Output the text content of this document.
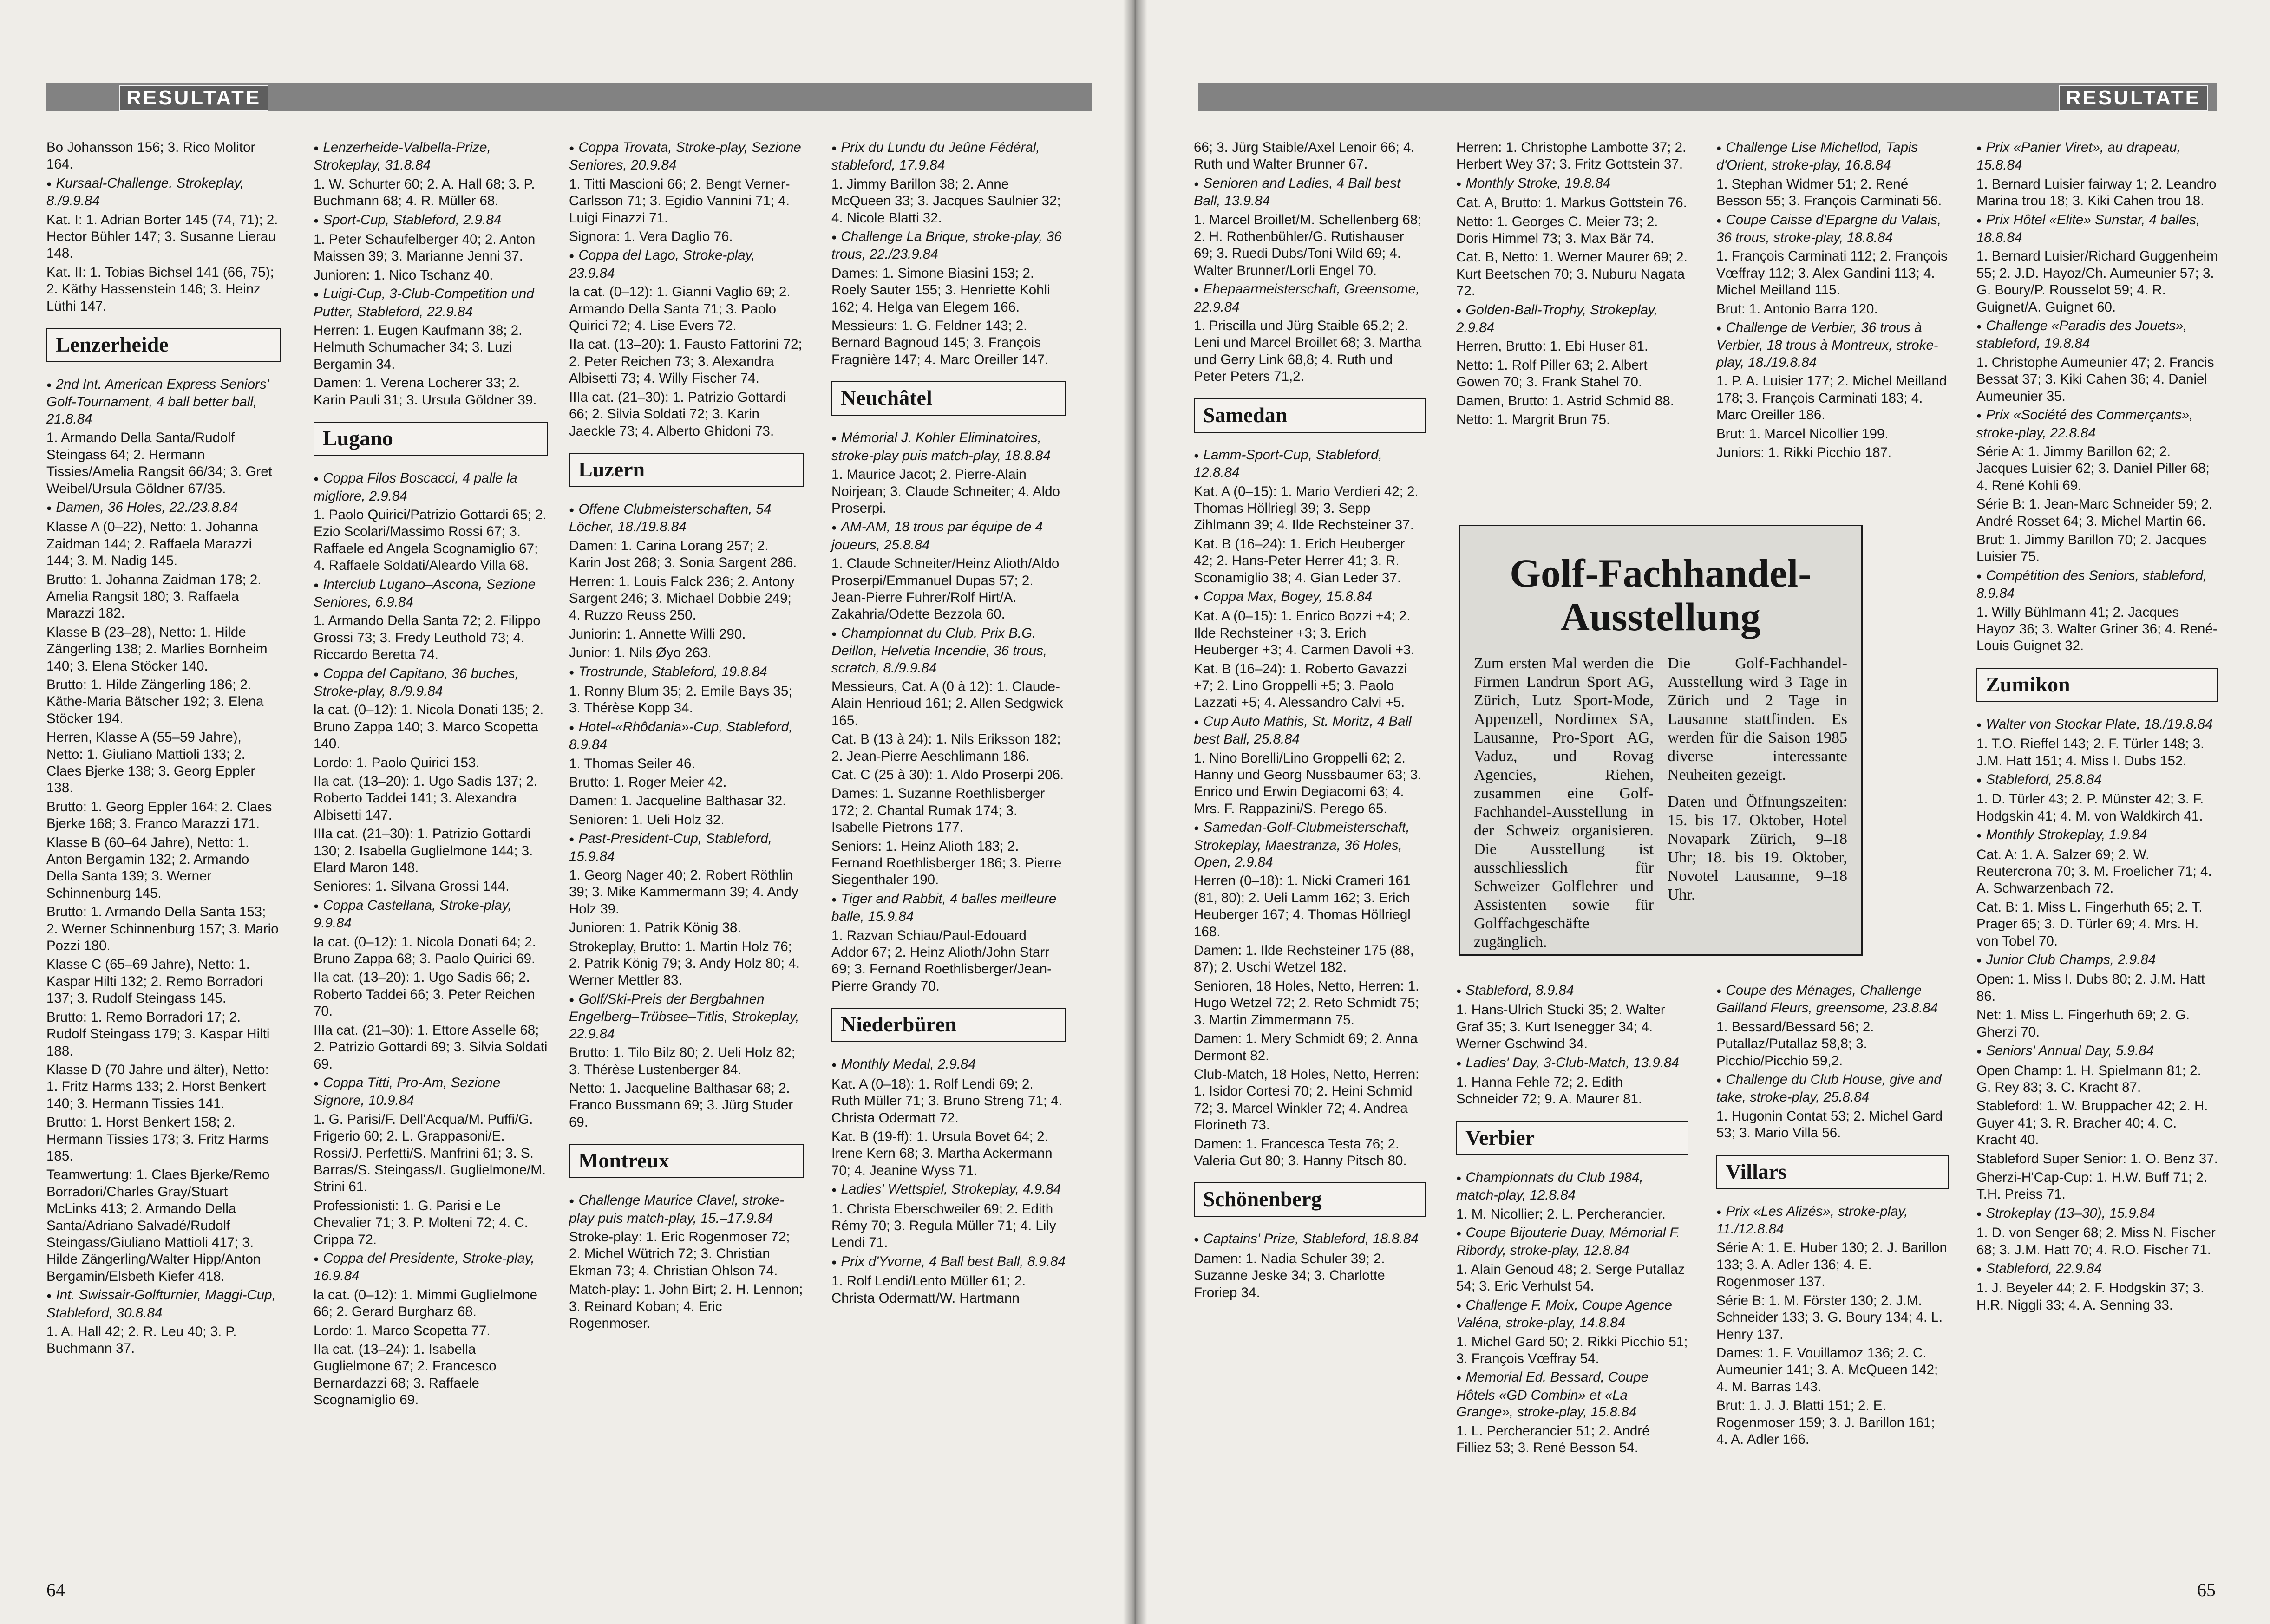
RESULTATE

Bo Johansson 156; 3. Rico Molitor 164.

● Kursaal-Challenge, Strokeplay, 8./9.9.84

Kat. I: 1. Adrian Borter 145 (74, 71); 2. Hector Bühler 147; 3. Susanne Lierau 148.

Kat. II: 1. Tobias Bichsel 141 (66, 75); 2. Käthy Hassenstein 146; 3. Heinz Lüthi 147.

Lenzerheide

● 2nd Int. American Express Seniors' Golf-Tournament, 4 ball better ball, 21.8.84

1. Armando Della Santa/Rudolf Steingass 64; 2. Hermann Tissies/Amelia Rangsit 66/34; 3. Gret Weibel/Ursula Göldner 67/35.

● Damen, 36 Holes, 22./23.8.84

Klasse A (0–22), Netto: 1. Johanna Zaidman 144; 2. Raffaela Marazzi 144; 3. M. Nadig 145.

Brutto: 1. Johanna Zaidman 178; 2. Amelia Rangsit 180; 3. Raffaela Marazzi 182.

Klasse B (23–28), Netto: 1. Hilde Zängerling 138; 2. Marlies Bornheim 140; 3. Elena Stöcker 140.

Brutto: 1. Hilde Zängerling 186; 2. Käthe-Maria Bätscher 192; 3. Elena Stöcker 194.

Herren, Klasse A (55–59 Jahre), Netto: 1. Giuliano Mattioli 133; 2. Claes Bjerke 138; 3. Georg Eppler 138.

Brutto: 1. Georg Eppler 164; 2. Claes Bjerke 168; 3. Franco Marazzi 171.

Klasse B (60–64 Jahre), Netto: 1. Anton Bergamin 132; 2. Armando Della Santa 139; 3. Werner Schinnenburg 145.

Brutto: 1. Armando Della Santa 153; 2. Werner Schinnenburg 157; 3. Mario Pozzi 180.

Klasse C (65–69 Jahre), Netto: 1. Kaspar Hilti 132; 2. Remo Borradori 137; 3. Rudolf Steingass 145.

Brutto: 1. Remo Borradori 17; 2. Rudolf Steingass 179; 3. Kaspar Hilti 188.

Klasse D (70 Jahre und älter), Netto: 1. Fritz Harms 133; 2. Horst Benkert 140; 3. Hermann Tissies 141.

Brutto: 1. Horst Benkert 158; 2. Hermann Tissies 173; 3. Fritz Harms 185.

Teamwertung: 1. Claes Bjerke/Remo Borradori/Charles Gray/Stuart McLinks 413; 2. Armando Della Santa/Adriano Salvadé/Rudolf Steingass/Giuliano Mattioli 417; 3. Hilde Zängerling/Walter Hipp/Anton Bergamin/Elsbeth Kiefer 418.

● Int. Swissair-Golfturnier, Maggi-Cup, Stableford, 30.8.84

1. A. Hall 42; 2. R. Leu 40; 3. P. Buchmann 37.

● Lenzerheide-Valbella-Prize, Strokeplay, 31.8.84

1. W. Schurter 60; 2. A. Hall 68; 3. P. Buchmann 68; 4. R. Müller 68.

● Sport-Cup, Stableford, 2.9.84

1. Peter Schaufelberger 40; 2. Anton Maissen 39; 3. Marianne Jenni 37.

Junioren: 1. Nico Tschanz 40.

● Luigi-Cup, 3-Club-Competition und Putter, Stableford, 22.9.84

Herren: 1. Eugen Kaufmann 38; 2. Helmuth Schumacher 34; 3. Luzi Bergamin 34.

Damen: 1. Verena Locherer 33; 2. Karin Pauli 31; 3. Ursula Göldner 39.

Lugano

● Coppa Filos Boscacci, 4 palle la migliore, 2.9.84

1. Paolo Quirici/Patrizio Gottardi 65; 2. Ezio Scolari/Massimo Rossi 67; 3. Raffaele ed Angela Scognamiglio 67; 4. Raffaele Soldati/Aleardo Villa 68.

● Interclub Lugano–Ascona, Sezione Seniores, 6.9.84

1. Armando Della Santa 72; 2. Filippo Grossi 73; 3. Fredy Leuthold 73; 4. Riccardo Beretta 74.

● Coppa del Capitano, 36 buches, Stroke-play, 8./9.9.84

la cat. (0–12): 1. Nicola Donati 135; 2. Bruno Zappa 140; 3. Marco Scopetta 140.

Lordo: 1. Paolo Quirici 153.

IIa cat. (13–20): 1. Ugo Sadis 137; 2. Roberto Taddei 141; 3. Alexandra Albisetti 147.

IIIa cat. (21–30): 1. Patrizio Gottardi 130; 2. Isabella Guglielmone 144; 3. Elard Maron 148.

Seniores: 1. Silvana Grossi 144.

● Coppa Castellana, Stroke-play, 9.9.84

la cat. (0–12): 1. Nicola Donati 64; 2. Bruno Zappa 68; 3. Paolo Quirici 69.

IIa cat. (13–20): 1. Ugo Sadis 66; 2. Roberto Taddei 66; 3. Peter Reichen 70.

IIIa cat. (21–30): 1. Ettore Asselle 68; 2. Patrizio Gottardi 69; 3. Silvia Soldati 69.

● Coppa Titti, Pro-Am, Sezione Signore, 10.9.84

1. G. Parisi/F. Dell'Acqua/M. Puffi/G. Frigerio 60; 2. L. Grappasoni/E. Rossi/J. Perfetti/S. Manfrini 61; 3. S. Barras/S. Steingass/I. Guglielmone/M. Strini 61.

Professionisti: 1. G. Parisi e Le Chevalier 71; 3. P. Molteni 72; 4. C. Crippa 72.

● Coppa del Presidente, Stroke-play, 16.9.84

la cat. (0–12): 1. Mimmi Guglielmone 66; 2. Gerard Burgharz 68.

Lordo: 1. Marco Scopetta 77.

IIa cat. (13–24): 1. Isabella Guglielmone 67; 2. Francesco Bernardazzi 68; 3. Raffaele Scognamiglio 69.

● Coppa Trovata, Stroke-play, Sezione Seniores, 20.9.84

1. Titti Mascioni 66; 2. Bengt Verner-Carlsson 71; 3. Egidio Vannini 71; 4. Luigi Finazzi 71.

Signora: 1. Vera Daglio 76.

● Coppa del Lago, Stroke-play, 23.9.84

la cat. (0–12): 1. Gianni Vaglio 69; 2. Armando Della Santa 71; 3. Paolo Quirici 72; 4. Lise Evers 72.

IIa cat. (13–20): 1. Fausto Fattorini 72; 2. Peter Reichen 73; 3. Alexandra Albisetti 73; 4. Willy Fischer 74.

IIIa cat. (21–30): 1. Patrizio Gottardi 66; 2. Silvia Soldati 72; 3. Karin Jaeckle 73; 4. Alberto Ghidoni 73.

Luzern

● Offene Clubmeisterschaften, 54 Löcher, 18./19.8.84

Damen: 1. Carina Lorang 257; 2. Karin Jost 268; 3. Sonia Sargent 286.

Herren: 1. Louis Falck 236; 2. Antony Sargent 246; 3. Michael Dobbie 249; 4. Ruzzo Reuss 250.

Juniorin: 1. Annette Willi 290.

Junior: 1. Nils Øyo 263.

● Trostrunde, Stableford, 19.8.84

1. Ronny Blum 35; 2. Emile Bays 35; 3. Thérèse Kopp 34.

● Hotel-«Rhôdania»-Cup, Stableford, 8.9.84

1. Thomas Seiler 46.

Brutto: 1. Roger Meier 42.

Damen: 1. Jacqueline Balthasar 32.

Senioren: 1. Ueli Holz 32.

● Past-President-Cup, Stableford, 15.9.84

1. Georg Nager 40; 2. Robert Röthlin 39; 3. Mike Kammermann 39; 4. Andy Holz 39.

Junioren: 1. Patrik König 38.

Strokeplay, Brutto: 1. Martin Holz 76; 2. Patrik König 79; 3. Andy Holz 80; 4. Werner Mettler 83.

● Golf/Ski-Preis der Bergbahnen Engelberg–Trübsee–Titlis, Strokeplay, 22.9.84

Brutto: 1. Tilo Bilz 80; 2. Ueli Holz 82; 3. Thérèse Lustenberger 84.

Netto: 1. Jacqueline Balthasar 68; 2. Franco Bussmann 69; 3. Jürg Studer 69.

Montreux

● Challenge Maurice Clavel, stroke-play puis match-play, 15.–17.9.84

Stroke-play: 1. Eric Rogenmoser 72; 2. Michel Wütrich 72; 3. Christian Ekman 73; 4. Christian Ohlson 74.

Match-play: 1. John Birt; 2. H. Lennon; 3. Reinard Koban; 4. Eric Rogenmoser.

● Prix du Lundu du Jeûne Fédéral, stableford, 17.9.84

1. Jimmy Barillon 38; 2. Anne McQueen 33; 3. Jacques Saulnier 32; 4. Nicole Blatti 32.

● Challenge La Brique, stroke-play, 36 trous, 22./23.9.84

Dames: 1. Simone Biasini 153; 2. Roely Sauter 155; 3. Henriette Kohli 162; 4. Helga van Elegem 166.

Messieurs: 1. G. Feldner 143; 2. Bernard Bagnoud 145; 3. François Fragnière 147; 4. Marc Oreiller 147.

Neuchâtel

● Mémorial J. Kohler Eliminatoires, stroke-play puis match-play, 18.8.84

1. Maurice Jacot; 2. Pierre-Alain Noirjean; 3. Claude Schneiter; 4. Aldo Proserpi.

● AM-AM, 18 trous par équipe de 4 joueurs, 25.8.84

1. Claude Schneiter/Heinz Alioth/Aldo Proserpi/Emmanuel Dupas 57; 2. Jean-Pierre Fuhrer/Rolf Hirt/A. Zakahria/Odette Bezzola 60.

● Championnat du Club, Prix B.G. Deillon, Helvetia Incendie, 36 trous, scratch, 8./9.9.84

Messieurs, Cat. A (0 à 12): 1. Claude-Alain Henrioud 161; 2. Allen Sedgwick 165.

Cat. B (13 à 24): 1. Nils Eriksson 182; 2. Jean-Pierre Aeschlimann 186.

Cat. C (25 à 30): 1. Aldo Proserpi 206.

Dames: 1. Suzanne Roethlisberger 172; 2. Chantal Rumak 174; 3. Isabelle Pietrons 177.

Seniors: 1. Heinz Alioth 183; 2. Fernand Roethlisberger 186; 3. Pierre Siegenthaler 190.

● Tiger and Rabbit, 4 balles meilleure balle, 15.9.84

1. Razvan Schiau/Paul-Edouard Addor 67; 2. Heinz Alioth/John Starr 69; 3. Fernand Roethlisberger/Jean-Pierre Grandy 70.

Niederbüren

● Monthly Medal, 2.9.84

Kat. A (0–18): 1. Rolf Lendi 69; 2. Ruth Müller 71; 3. Bruno Streng 71; 4. Christa Odermatt 72.

Kat. B (19-ff): 1. Ursula Bovet 64; 2. Irene Kern 68; 3. Martha Ackermann 70; 4. Jeanine Wyss 71.

● Ladies' Wettspiel, Strokeplay, 4.9.84

1. Christa Eberschweiler 69; 2. Edith Rémy 70; 3. Regula Müller 71; 4. Lily Lendi 71.

● Prix d'Yvorne, 4 Ball best Ball, 8.9.84

1. Rolf Lendi/Lento Müller 61; 2. Christa Odermatt/W. Hartmann

64
RESULTATE

66; 3. Jürg Staible/Axel Lenoir 66; 4. Ruth und Walter Brunner 67.

● Senioren and Ladies, 4 Ball best Ball, 13.9.84

1. Marcel Broillet/M. Schellenberg 68; 2. H. Rothenbühler/G. Rutishauser 69; 3. Ruedi Dubs/Toni Wild 69; 4. Walter Brunner/Lorli Engel 70.

● Ehepaarmeisterschaft, Greensome, 22.9.84

1. Priscilla und Jürg Staible 65,2; 2. Leni und Marcel Broillet 68; 3. Martha und Gerry Link 68,8; 4. Ruth und Peter Peters 71,2.

Samedan

● Lamm-Sport-Cup, Stableford, 12.8.84

Kat. A (0–15): 1. Mario Verdieri 42; 2. Thomas Höllriegl 39; 3. Sepp Zihlmann 39; 4. Ilde Rechsteiner 37.

Kat. B (16–24): 1. Erich Heuberger 42; 2. Hans-Peter Herrer 41; 3. R. Sconamiglio 38; 4. Gian Leder 37.

● Coppa Max, Bogey, 15.8.84

Kat. A (0–15): 1. Enrico Bozzi +4; 2. Ilde Rechsteiner +3; 3. Erich Heuberger +3; 4. Carmen Davoli +3.

Kat. B (16–24): 1. Roberto Gavazzi +7; 2. Lino Groppelli +5; 3. Paolo Lazzati +5; 4. Alessandro Calvi +5.

● Cup Auto Mathis, St. Moritz, 4 Ball best Ball, 25.8.84

1. Nino Borelli/Lino Groppelli 62; 2. Hanny und Georg Nussbaumer 63; 3. Enrico und Erwin Degiacomi 63; 4. Mrs. F. Rappazini/S. Perego 65.

● Samedan-Golf-Clubmeisterschaft, Strokeplay, Maestranza, 36 Holes, Open, 2.9.84

Herren (0–18): 1. Nicki Crameri 161 (81, 80); 2. Ueli Lamm 162; 3. Erich Heuberger 167; 4. Thomas Höllriegl 168.

Damen: 1. Ilde Rechsteiner 175 (88, 87); 2. Uschi Wetzel 182.

Senioren, 18 Holes, Netto, Herren: 1. Hugo Wetzel 72; 2. Reto Schmidt 75; 3. Martin Zimmermann 75.

Damen: 1. Mery Schmidt 69; 2. Anna Dermont 82.

Club-Match, 18 Holes, Netto, Herren: 1. Isidor Cortesi 70; 2. Heini Schmid 72; 3. Marcel Winkler 72; 4. Andrea Florineth 73.

Damen: 1. Francesca Testa 76; 2. Valeria Gut 80; 3. Hanny Pitsch 80.

Schönenberg

● Captains' Prize, Stableford, 18.8.84

Damen: 1. Nadia Schuler 39; 2. Suzanne Jeske 34; 3. Charlotte Froriep 34.

Herren: 1. Christophe Lambotte 37; 2. Herbert Wey 37; 3. Fritz Gottstein 37.

● Monthly Stroke, 19.8.84

Cat. A, Brutto: 1. Markus Gottstein 76.

Netto: 1. Georges C. Meier 73; 2. Doris Himmel 73; 3. Max Bär 74.

Cat. B, Netto: 1. Werner Maurer 69; 2. Kurt Beetschen 70; 3. Nuburu Nagata 72.

● Golden-Ball-Trophy, Strokeplay, 2.9.84

Herren, Brutto: 1. Ebi Huser 81.

Netto: 1. Rolf Piller 63; 2. Albert Gowen 70; 3. Frank Stahel 70.

Damen, Brutto: 1. Astrid Schmid 88.

Netto: 1. Margrit Brun 75.

● Challenge Lise Michellod, Tapis d'Orient, stroke-play, 16.8.84

1. Stephan Widmer 51; 2. René Besson 55; 3. François Carminati 56.

● Coupe Caisse d'Epargne du Valais, 36 trous, stroke-play, 18.8.84

1. François Carminati 112; 2. François Vœffray 112; 3. Alex Gandini 113; 4. Michel Meilland 115.

Brut: 1. Antonio Barra 120.

● Challenge de Verbier, 36 trous à Verbier, 18 trous à Montreux, stroke-play, 18./19.8.84

1. P. A. Luisier 177; 2. Michel Meilland 178; 3. François Carminati 183; 4. Marc Oreiller 186.

Brut: 1. Marcel Nicollier 199.

Juniors: 1. Rikki Picchio 187.

● Prix «Panier Viret», au drapeau, 15.8.84

1. Bernard Luisier fairway 1; 2. Leandro Marina trou 18; 3. Kiki Cahen trou 18.

● Prix Hôtel «Elite» Sunstar, 4 balles, 18.8.84

1. Bernard Luisier/Richard Guggenheim 55; 2. J.D. Hayoz/Ch. Aumeunier 57; 3. G. Boury/P. Rousselot 59; 4. R. Guignet/A. Guignet 60.

● Challenge «Paradis des Jouets», stableford, 19.8.84

1. Christophe Aumeunier 47; 2. Francis Bessat 37; 3. Kiki Cahen 36; 4. Daniel Aumeunier 35.

● Prix «Société des Commerçants», stroke-play, 22.8.84

Série A: 1. Jimmy Barillon 62; 2. Jacques Luisier 62; 3. Daniel Piller 68; 4. René Kohli 69.

Série B: 1. Jean-Marc Schneider 59; 2. André Rosset 64; 3. Michel Martin 66.

Brut: 1. Jimmy Barillon 70; 2. Jacques Luisier 75.

● Compétition des Seniors, stableford, 8.9.84

1. Willy Bühlmann 41; 2. Jacques Hayoz 36; 3. Walter Griner 36; 4. René-Louis Guignet 32.

Zumikon

● Walter von Stockar Plate, 18./19.8.84

1. T.O. Rieffel 143; 2. F. Türler 148; 3. J.M. Hatt 151; 4. Miss I. Dubs 152.

● Stableford, 25.8.84

1. D. Türler 43; 2. P. Münster 42; 3. F. Hodgskin 41; 4. M. von Waldkirch 41.

● Monthly Strokeplay, 1.9.84

Cat. A: 1. A. Salzer 69; 2. W. Reutercrona 70; 3. M. Froelicher 71; 4. A. Schwarzenbach 72.

Cat. B: 1. Miss L. Fingerhuth 65; 2. T. Prager 65; 3. D. Türler 69; 4. Mrs. H. von Tobel 70.

● Junior Club Champs, 2.9.84

Open: 1. Miss I. Dubs 80; 2. J.M. Hatt 86.

Net: 1. Miss L. Fingerhuth 69; 2. G. Gherzi 70.

● Seniors' Annual Day, 5.9.84

Open Champ: 1. H. Spielmann 81; 2. G. Rey 83; 3. C. Kracht 87.

Stableford: 1. W. Bruppacher 42; 2. H. Guyer 41; 3. R. Bracher 40; 4. C. Kracht 40.

Stableford Super Senior: 1. O. Benz 37.

Gherzi-H'Cap-Cup: 1. H.W. Buff 71; 2. T.H. Preiss 71.

● Strokeplay (13–30), 15.9.84

1. D. von Senger 68; 2. Miss N. Fischer 68; 3. J.M. Hatt 70; 4. R.O. Fischer 71.

● Stableford, 22.9.84

1. J. Beyeler 44; 2. F. Hodgskin 37; 3. H.R. Niggli 33; 4. A. Senning 33.

● Stableford, 8.9.84

1. Hans-Ulrich Stucki 35; 2. Walter Graf 35; 3. Kurt Isenegger 34; 4. Werner Gschwind 34.

● Ladies' Day, 3-Club-Match, 13.9.84

1. Hanna Fehle 72; 2. Edith Schneider 72; 9. A. Maurer 81.

Verbier

● Championnats du Club 1984, match-play, 12.8.84

1. M. Nicollier; 2. L. Percherancier.

● Coupe Bijouterie Duay, Mémorial F. Ribordy, stroke-play, 12.8.84

1. Alain Genoud 48; 2. Serge Putallaz 54; 3. Eric Verhulst 54.

● Challenge F. Moix, Coupe Agence Valéna, stroke-play, 14.8.84

1. Michel Gard 50; 2. Rikki Picchio 51; 3. François Vœffray 54.

● Memorial Ed. Bessard, Coupe Hôtels «GD Combin» et «La Grange», stroke-play, 15.8.84

1. L. Percherancier 51; 2. André Filliez 53; 3. René Besson 54.

● Coupe des Ménages, Challenge Gailland Fleurs, greensome, 23.8.84

1. Bessard/Bessard 56; 2. Putallaz/Putallaz 58,8; 3. Picchio/Picchio 59,2.

● Challenge du Club House, give and take, stroke-play, 25.8.84

1. Hugonin Contat 53; 2. Michel Gard 53; 3. Mario Villa 56.

Villars

● Prix «Les Alizés», stroke-play, 11./12.8.84

Série A: 1. E. Huber 130; 2. J. Barillon 133; 3. A. Adler 136; 4. E. Rogenmoser 137.

Série B: 1. M. Förster 130; 2. J.M. Schneider 133; 3. G. Boury 134; 4. L. Henry 137.

Dames: 1. F. Vouillamoz 136; 2. C. Aumeunier 141; 3. A. McQueen 142; 4. M. Barras 143.

Brut: 1. J. J. Blatti 151; 2. E. Rogenmoser 159; 3. J. Barillon 161; 4. A. Adler 166.

65
Golf-Fachhandel-Ausstellung

Zum ersten Mal werden die Firmen Landrun Sport AG, Zürich, Lutz Sport-Mode, Appenzell, Nordimex SA, Lausanne, Pro-Sport AG, Vaduz, und Rovag Agencies, Riehen, zusammen eine Golf-Fachhandel-Ausstellung in der Schweiz organisieren. Die Ausstellung ist ausschliesslich für Schweizer Golflehrer und Assistenten sowie für Golffachgeschäfte zugänglich.

Die Golf-Fachhandel-Ausstellung wird 3 Tage in Zürich und 2 Tage in Lausanne stattfinden. Es werden für die Saison 1985 diverse interessante Neuheiten gezeigt.

Daten und Öffnungszeiten: 15. bis 17. Oktober, Hotel Novapark Zürich, 9–18 Uhr; 18. bis 19. Oktober, Novotel Lausanne, 9–18 Uhr.
